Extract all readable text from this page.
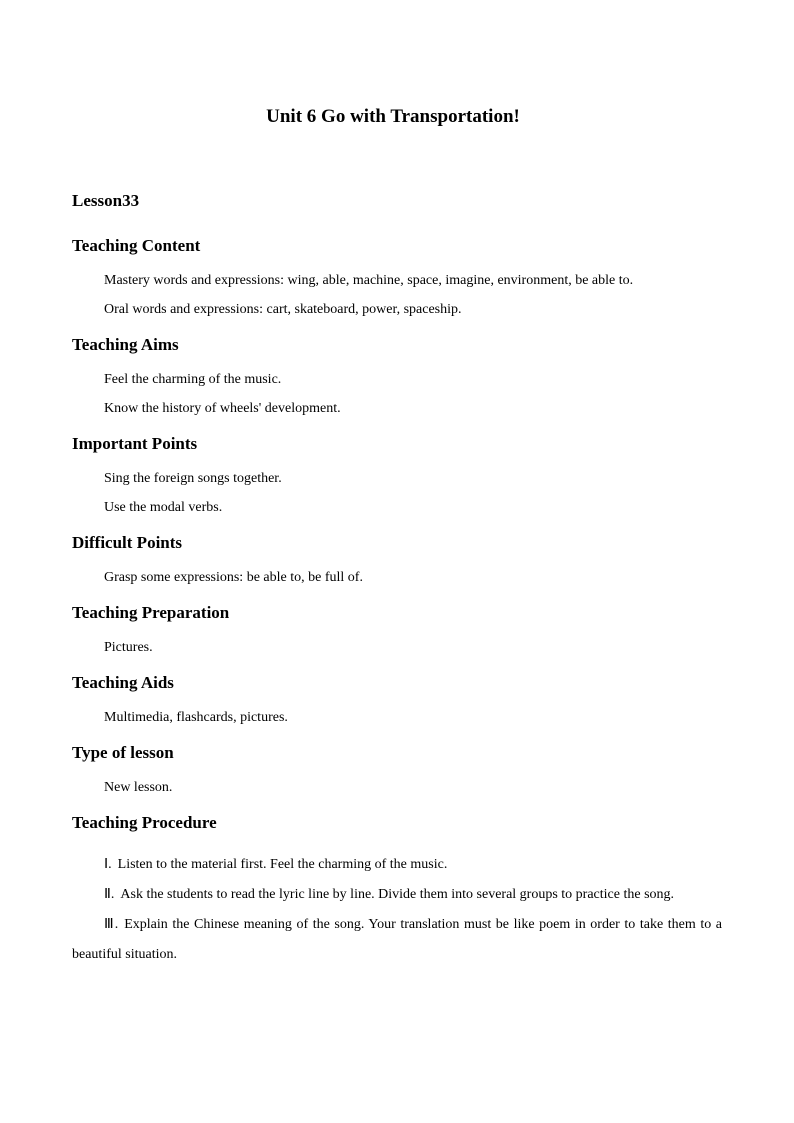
Unit 6 Go with Transportation!
Lesson33
Teaching Content
Mastery words and expressions: wing, able, machine, space, imagine, environment, be able to.
Oral words and expressions: cart, skateboard, power, spaceship.
Teaching Aims
Feel the charming of the music.
Know the history of wheels' development.
Important Points
Sing the foreign songs together.
Use the modal verbs.
Difficult Points
Grasp some expressions: be able to, be full of.
Teaching Preparation
Pictures.
Teaching Aids
Multimedia, flashcards, pictures.
Type of lesson
New lesson.
Teaching Procedure

Ⅰ. Listen to the material first. Feel the charming of the music.

Ⅱ. Ask the students to read the lyric line by line. Divide them into several groups to practice the song.

Ⅲ. Explain the Chinese meaning of the song. Your translation must be like poem in order to take them to a beautiful situation.
